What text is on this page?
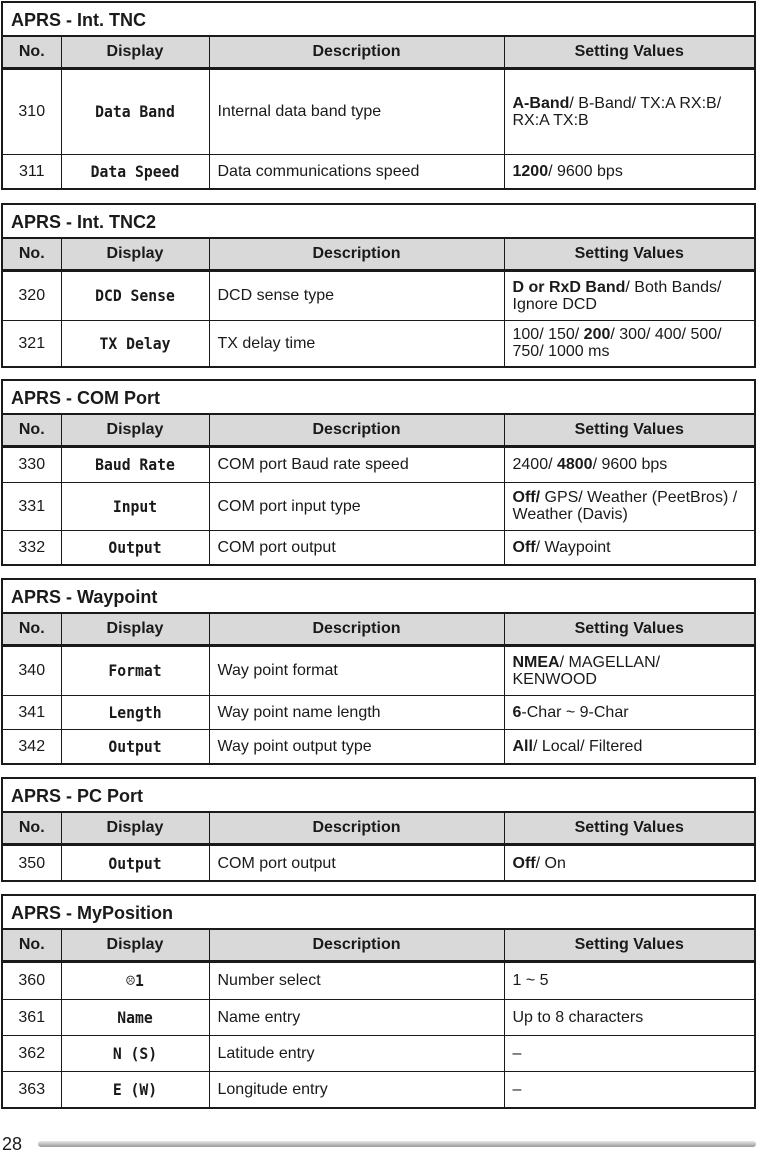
APRS - Int. TNC
No.	Display	Description	Setting Values
310	Data Band	Internal data band type	A-Band/ B-Band/ TX:A RX:B/ RX:A TX:B
311	Data Speed	Data communications speed	1200/ 9600 bps
APRS - Int. TNC2
No.	Display	Description	Setting Values
320	DCD Sense	DCD sense type	D or RxD Band/ Both Bands/ Ignore DCD
321	TX Delay	TX delay time	100/ 150/ 200/ 300/ 400/ 500/ 750/ 1000 ms
APRS - COM Port
No.	Display	Description	Setting Values
330	Baud Rate	COM port Baud rate speed	2400/ 4800/ 9600 bps
331	Input	COM port input type	Off/ GPS/ Weather (PeetBros) / Weather (Davis)
332	Output	COM port output	Off/ Waypoint
APRS - Waypoint
No.	Display	Description	Setting Values
340	Format	Way point format	NMEA/ MAGELLAN/ KENWOOD
341	Length	Way point name length	6-Char ~ 9-Char
342	Output	Way point output type	All/ Local/ Filtered
APRS - PC Port
No.	Display	Description	Setting Values
350	Output	COM port output	Off/ On
APRS - MyPosition
No.	Display	Description	Setting Values
360	☹1	Number select	1 ~ 5
361	Name	Name entry	Up to 8 characters
362	N (S)	Latitude entry	–
363	E (W)	Longitude entry	–
28
